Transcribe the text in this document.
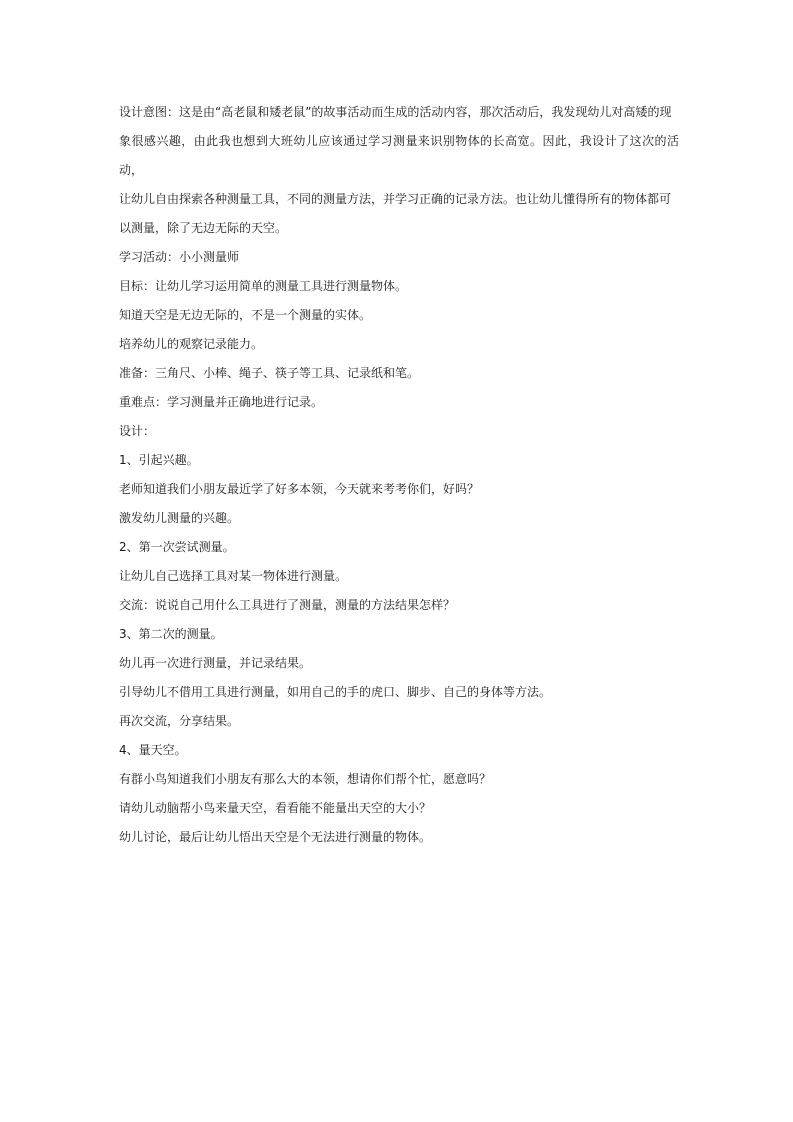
设计意图：这是由“高老鼠和矮老鼠”的故事活动而生成的活动内容，那次活动后，我发现幼儿对高矮的现

象很感兴趣，由此我也想到大班幼儿应该通过学习测量来识别物体的长高宽。因此，我设计了这次的活动，

让幼儿自由探索各种测量工具，不同的测量方法，并学习正确的记录方法。也让幼儿懂得所有的物体都可

以测量，除了无边无际的天空。

学习活动：小小测量师

目标：让幼儿学习运用简单的测量工具进行测量物体。

知道天空是无边无际的，不是一个测量的实体。

培养幼儿的观察记录能力。

准备：三角尺、小棒、绳子、筷子等工具、记录纸和笔。

重难点：学习测量并正确地进行记录。

设计：

1、引起兴趣。

老师知道我们小朋友最近学了好多本领，今天就来考考你们，好吗？

激发幼儿测量的兴趣。

2、第一次尝试测量。

让幼儿自己选择工具对某一物体进行测量。

交流：说说自己用什么工具进行了测量，测量的方法结果怎样？

3、第二次的测量。

幼儿再一次进行测量，并记录结果。

引导幼儿不借用工具进行测量，如用自己的手的虎口、脚步、自己的身体等方法。

再次交流，分享结果。

4、量天空。

有群小鸟知道我们小朋友有那么大的本领，想请你们帮个忙，愿意吗？

请幼儿动脑帮小鸟来量天空，看看能不能量出天空的大小？

幼儿讨论，最后让幼儿悟出天空是个无法进行测量的物体。
